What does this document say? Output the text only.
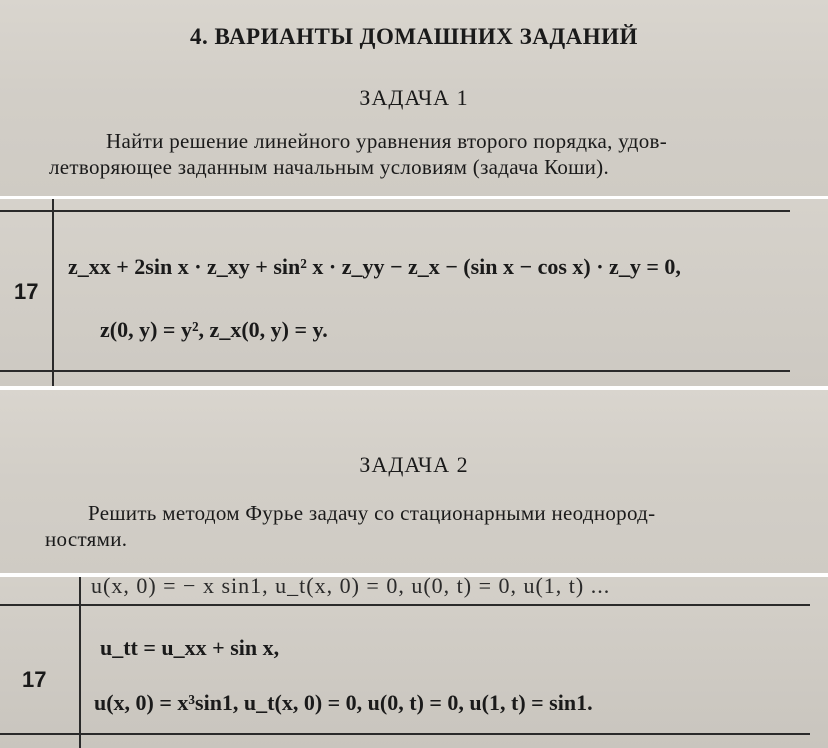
4. ВАРИАНТЫ ДОМАШНИХ ЗАДАНИЙ
ЗАДАЧА 1
Найти решение линейного уравнения второго порядка, удов-
летворяющее заданным начальным условиям (задача Коши).
17
z_xx + 2sin x · z_xy + sin² x · z_yy − z_x − (sin x − cos x) · z_y = 0,
z(0, y) = y², z_x(0, y) = y.
ЗАДАЧА 2
Решить методом Фурье задачу со стационарными неоднород-
ностями.
u(x, 0) = − x sin1, u_t(x, 0) = 0, u(0, t) = 0, u(1, t) ...
17
u_tt = u_xx + sin x,
u(x, 0) = x³sin1, u_t(x, 0) = 0, u(0, t) = 0, u(1, t) = sin1.
